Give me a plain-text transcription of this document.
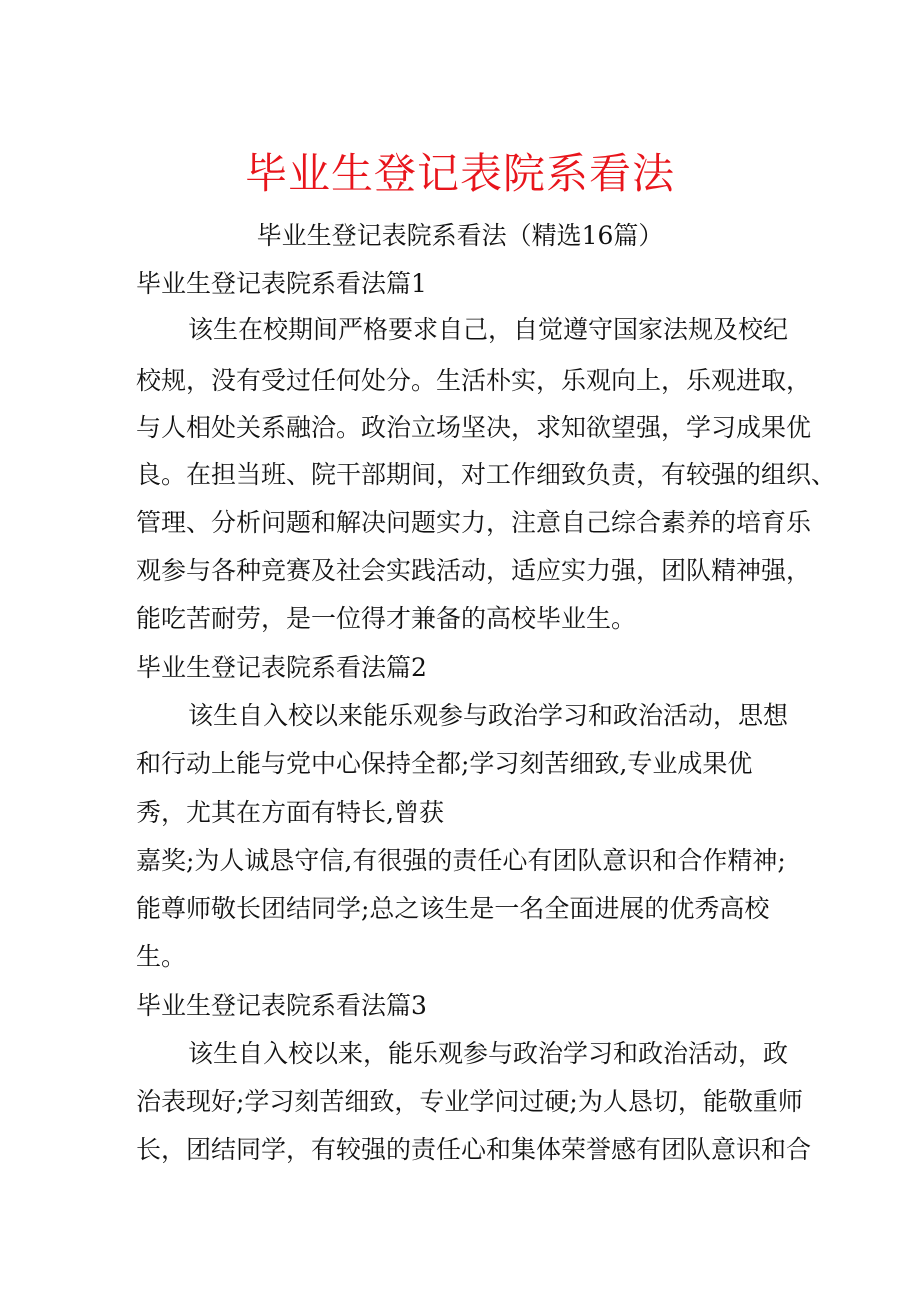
毕业生登记表院系看法
毕业生登记表院系看法（精选16篇）
毕业生登记表院系看法篇1
该生在校期间严格要求自己，自觉遵守国家法规及校纪
校规，没有受过任何处分。生活朴实，乐观向上，乐观进取，
与人相处关系融洽。政治立场坚决，求知欲望强，学习成果优
良。在担当班、院干部期间，对工作细致负责，有较强的组织、
管理、分析问题和解决问题实力，注意自己综合素养的培育乐
观参与各种竞赛及社会实践活动，适应实力强，团队精神强，
能吃苦耐劳，是一位得才兼备的高校毕业生。
毕业生登记表院系看法篇2
该生自入校以来能乐观参与政治学习和政治活动，思想
和行动上能与党中心保持全都;学习刻苦细致,专业成果优
秀，尤其在方面有特长,曾获
嘉奖;为人诚恳守信,有很强的责任心有团队意识和合作精神;
能尊师敬长团结同学;总之该生是一名全面进展的优秀高校
生。
毕业生登记表院系看法篇3
该生自入校以来，能乐观参与政治学习和政治活动，政
治表现好;学习刻苦细致，专业学问过硬;为人恳切，能敬重师
长，团结同学，有较强的责任心和集体荣誉感有团队意识和合
